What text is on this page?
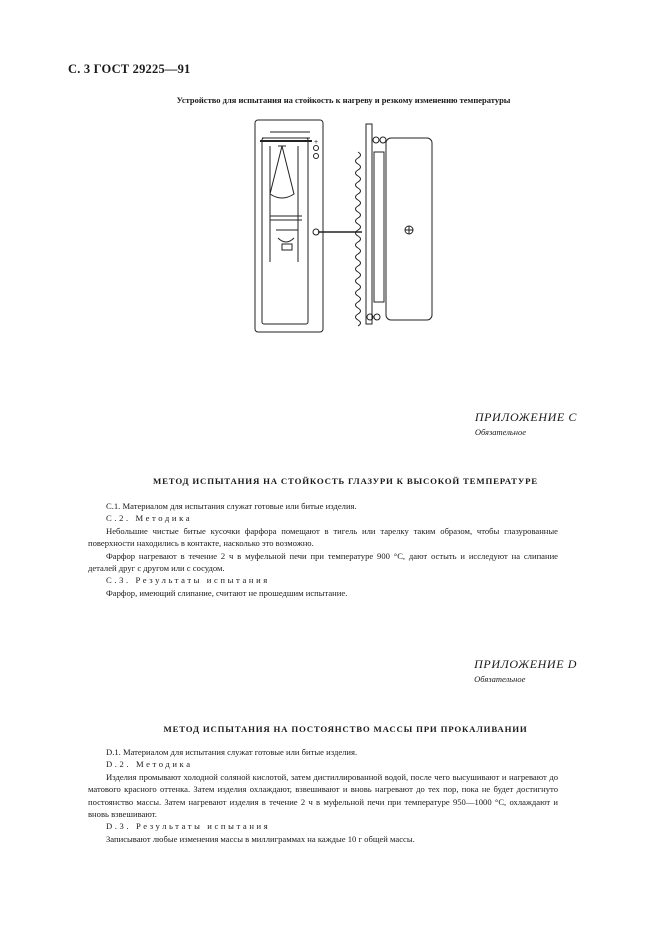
С. 3 ГОСТ 29225—91
Устройство для испытания на стойкость к нагреву и резкому изменению температуры
+
ПРИЛОЖЕНИЕ С
Обязательное
МЕТОД ИСПЫТАНИЯ НА СТОЙКОСТЬ ГЛАЗУРИ К ВЫСОКОЙ ТЕМПЕРАТУРЕ

С.1. Материалом для испытания служат готовые или битые изделия.

С.2. Методика

Небольшие чистые битые кусочки фарфора помещают в тигель или тарелку таким образом, чтобы глазурованные поверхности находились в контакте, насколько это возможно.

Фарфор нагревают в течение 2 ч в муфельной печи при температуре 900 °С, дают остыть и исследуют на слипание деталей друг с другом или с сосудом.

С.3. Результаты испытания

Фарфор, имеющий слипание, считают не прошедшим испытание.

ПРИЛОЖЕНИЕ D
Обязательное
МЕТОД ИСПЫТАНИЯ НА ПОСТОЯНСТВО МАССЫ ПРИ ПРОКАЛИВАНИИ

D.1. Материалом для испытания служат готовые или битые изделия.

D.2. Методика

Изделия промывают холодной соляной кислотой, затем дистиллированной водой, после чего высушивают и нагревают до матового красного оттенка. Затем изделия охлаждают, взвешивают и вновь нагревают до тех пор, пока не будет достигнуто постоянство массы. Затем нагревают изделия в течение 2 ч в муфельной печи при температуре 950—1000 °С, охлаждают и вновь взвешивают.

D.3. Результаты испытания

Записывают любые изменения массы в миллиграммах на каждые 10 г общей массы.
